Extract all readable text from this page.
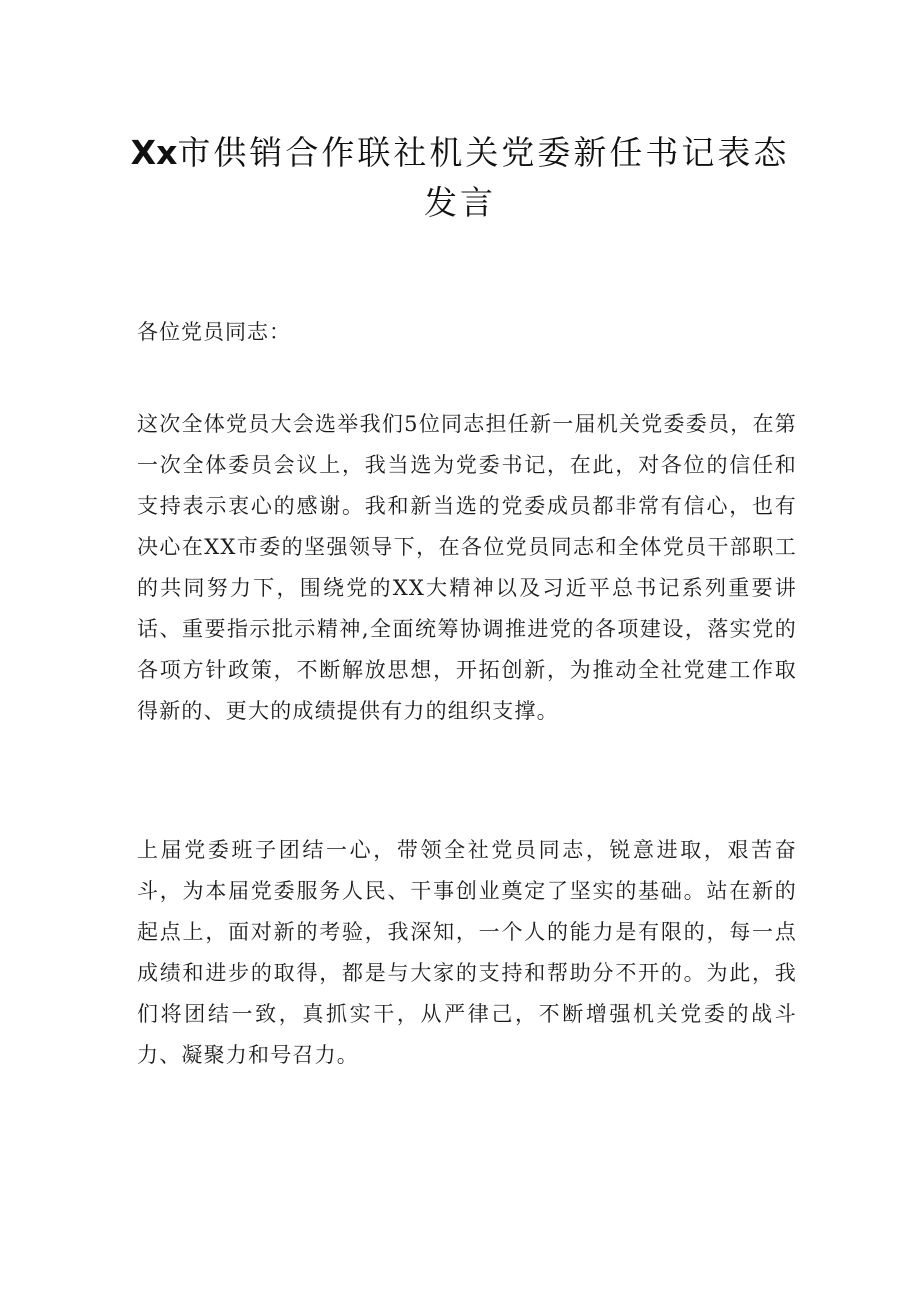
Xx市供销合作联社机关党委新任书记表态
发言

各位党员同志：

这次全体党员大会选举我们5位同志担任新一届机关党委委员，在第一次全体委员会议上，我当选为党委书记，在此，对各位的信任和支持表示衷心的感谢。我和新当选的党委成员都非常有信心，也有决心在XX市委的坚强领导下，在各位党员同志和全体党员干部职工的共同努力下，围绕党的XX大精神以及习近平总书记系列重要讲话、重要指示批示精神,全面统筹协调推进党的各项建设，落实党的各项方针政策，不断解放思想，开拓创新，为推动全社党建工作取得新的、更大的成绩提供有力的组织支撑。

上届党委班子团结一心，带领全社党员同志，锐意进取，艰苦奋斗，为本届党委服务人民、干事创业奠定了坚实的基础。站在新的起点上，面对新的考验，我深知，一个人的能力是有限的，每一点成绩和进步的取得，都是与大家的支持和帮助分不开的。为此，我们将团结一致，真抓实干，从严律己，不断增强机关党委的战斗力、凝聚力和号召力。
